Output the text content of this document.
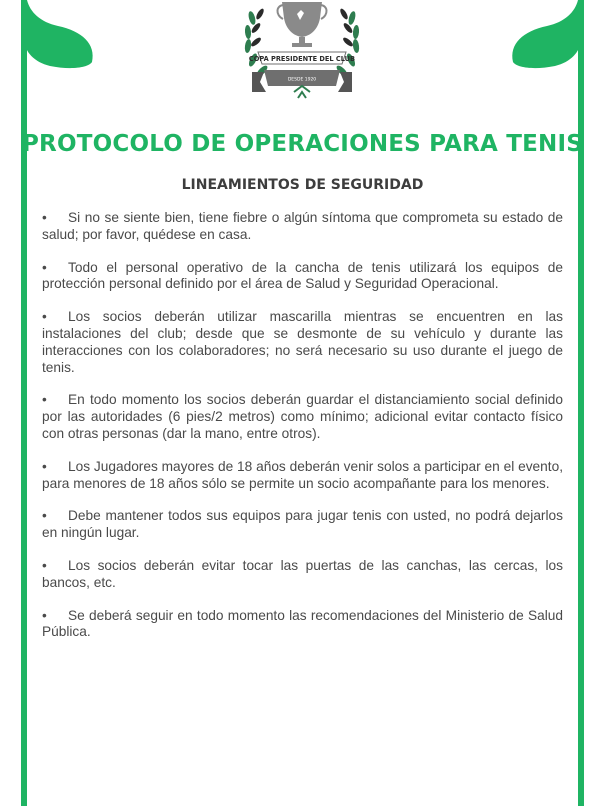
COPA PRESIDENTE DEL CLUB
DESDE 1920
PROTOCOLO DE OPERACIONES PARA TENIS
LINEAMIENTOS DE SEGURIDAD
• Si no se siente bien, tiene fiebre o algún síntoma que comprometa su estado de salud; por favor, quédese en casa.
• Todo el personal operativo de la cancha de tenis utilizará los equipos de protección personal definido por el área de Salud y Seguridad Operacional.
• Los socios deberán utilizar mascarilla mientras se encuentren en las instalaciones del club; desde que se desmonte de su vehículo y durante las interacciones con los colaboradores; no será necesario su uso durante el juego de tenis.
• En todo momento los socios deberán guardar el distanciamiento social definido por las autoridades (6 pies/2 metros) como mínimo; adicional evitar contacto físico con otras personas (dar la mano, entre otros).
• Los Jugadores mayores de 18 años deberán venir solos a participar en el evento, para menores de 18 años sólo se permite un socio acompañante para los menores.
• Debe mantener todos sus equipos para jugar tenis con usted, no podrá dejarlos en ningún lugar.
• Los socios deberán evitar tocar las puertas de las canchas, las cercas, los bancos, etc.
• Se deberá seguir en todo momento las recomendaciones del Ministerio de Salud Pública.
